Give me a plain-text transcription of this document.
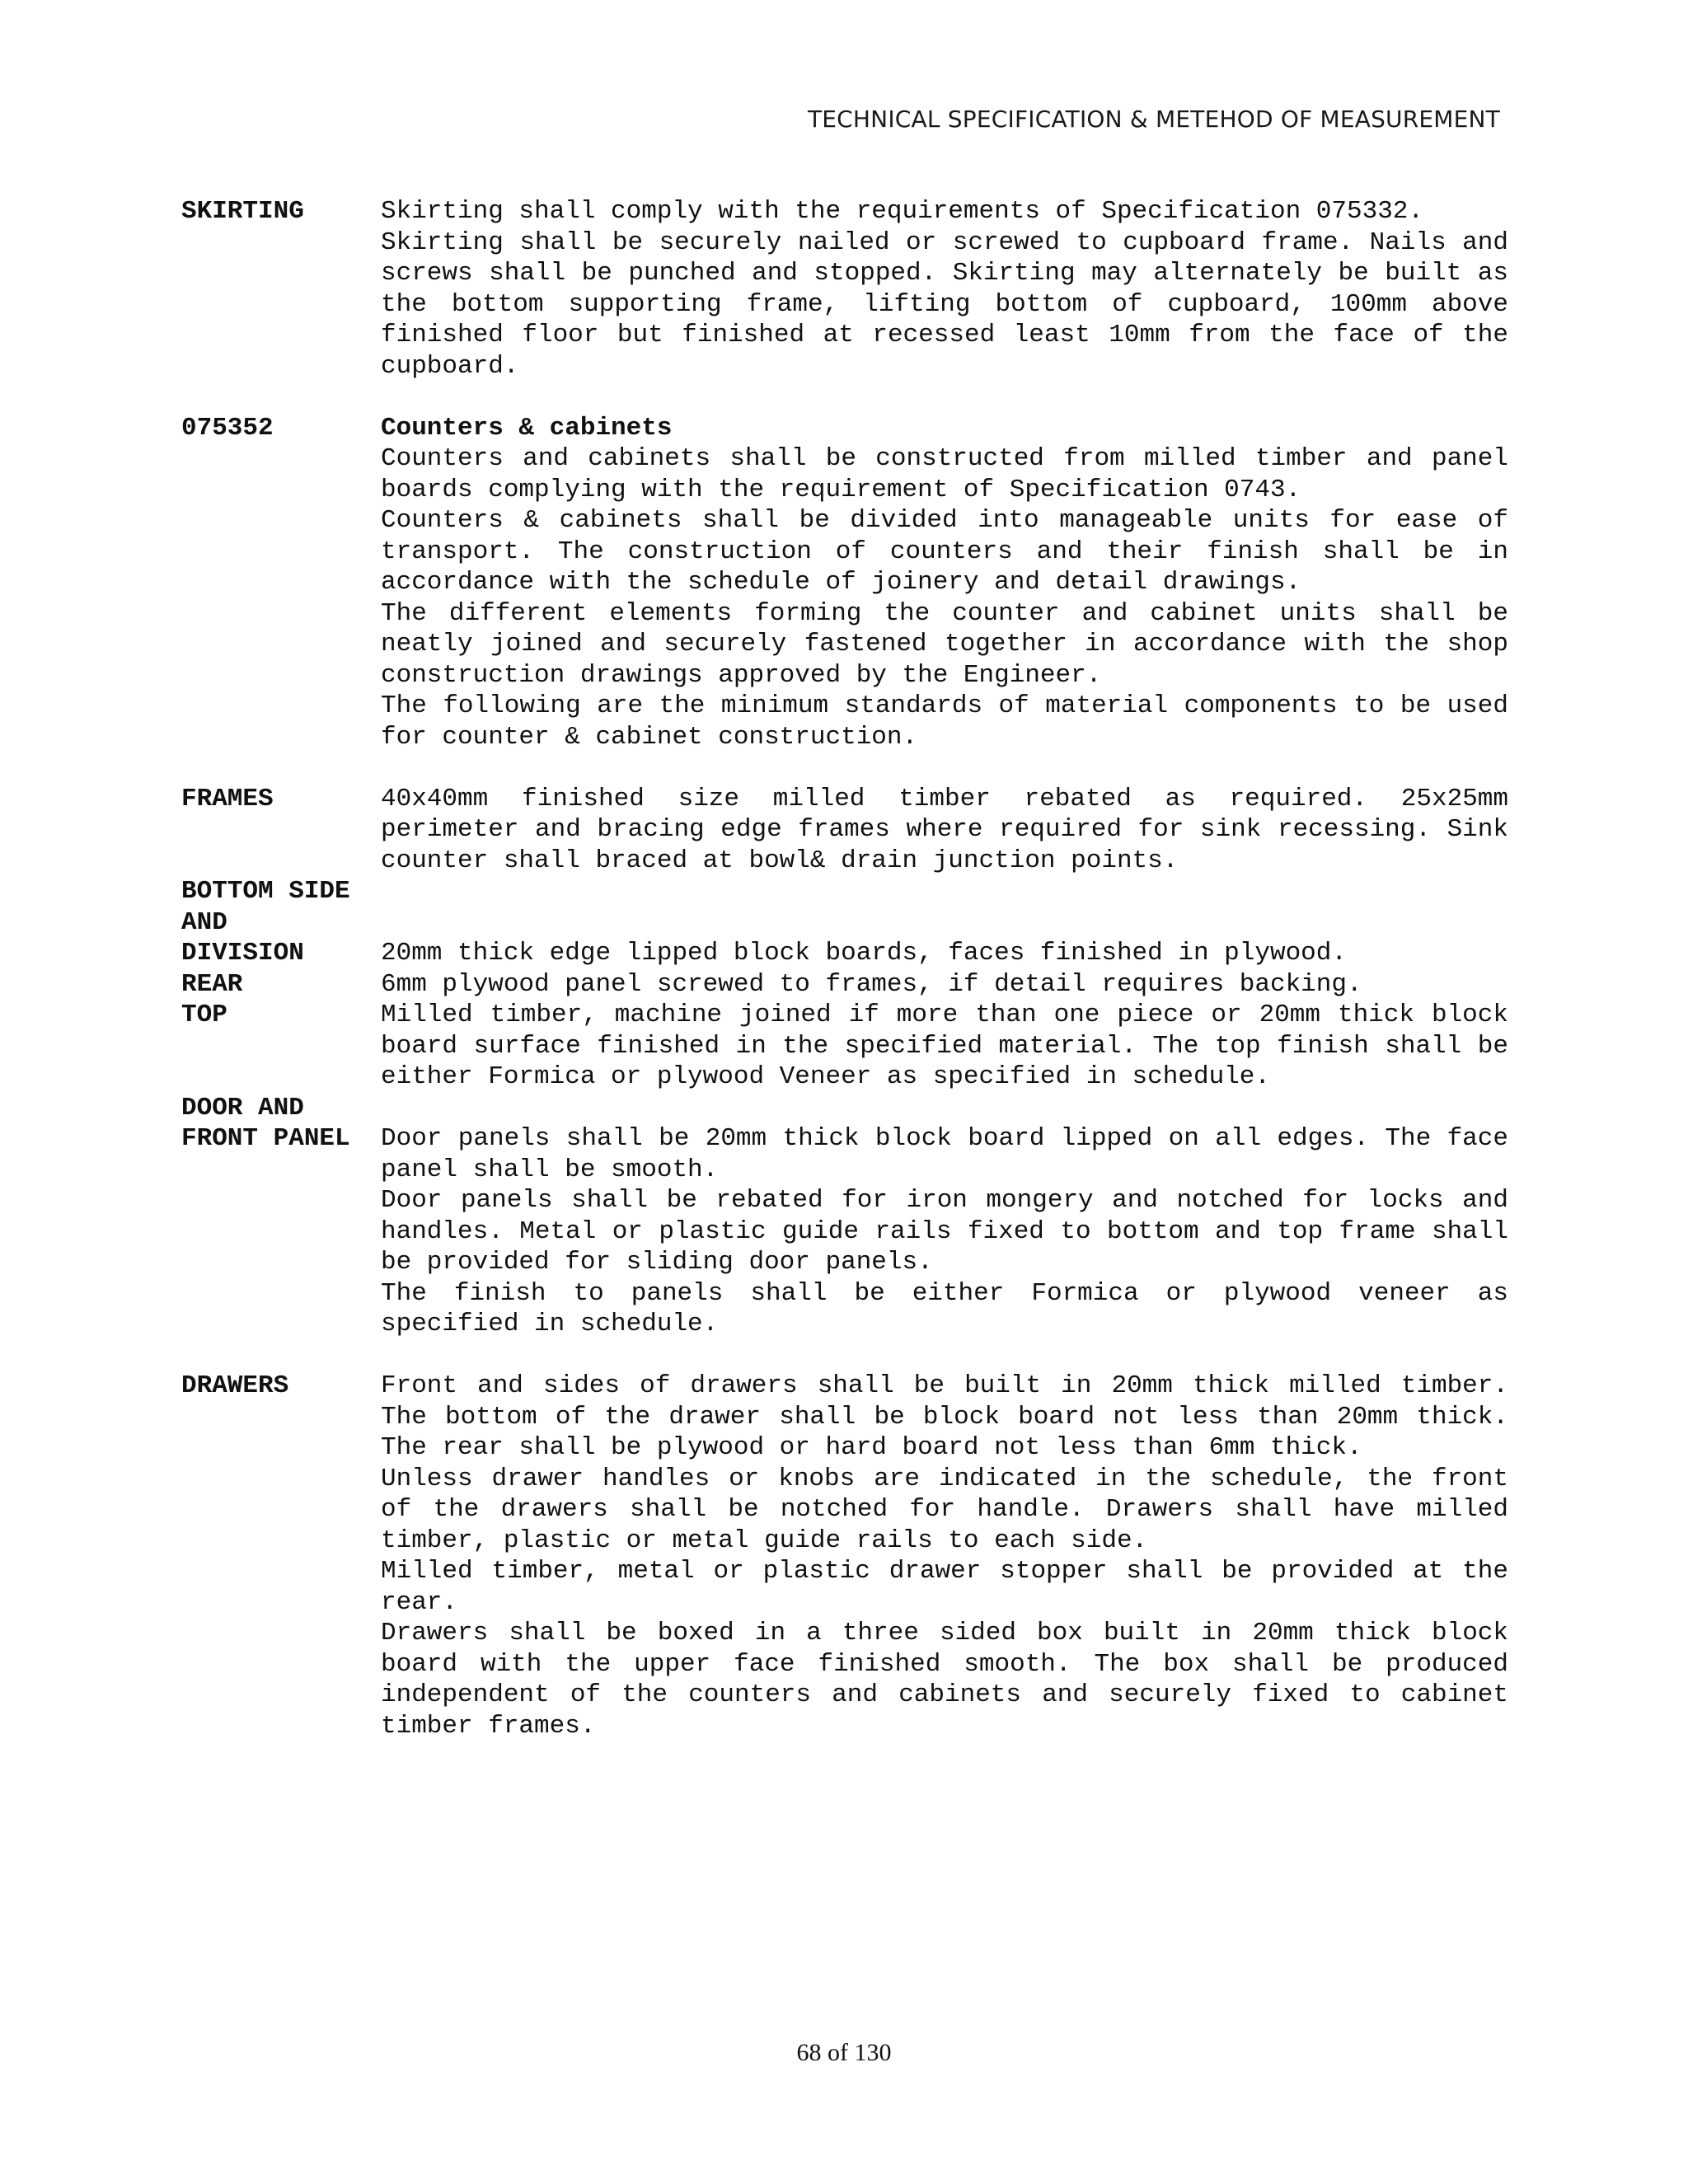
TECHNICAL SPECIFICATION & METEHOD OF MEASUREMENT
SKIRTING	Skirting shall comply with the requirements of Specification 075332.

Skirting shall be securely nailed or screwed to cupboard frame. Nails and screws shall be punched and stopped. Skirting may alternately be built as the bottom supporting frame, lifting bottom of cupboard, 100mm above finished floor but finished at recessed least 10mm from the face of the cupboard.

075352	Counters & cabinets

Counters and cabinets shall be constructed from milled timber and panel boards complying with the requirement of Specification 0743.

Counters & cabinets shall be divided into manageable units for ease of transport. The construction of counters and their finish shall be in accordance with the schedule of joinery and detail drawings.

The different elements forming the counter and cabinet units shall be neatly joined and securely fastened together in accordance with the shop construction drawings approved by the Engineer.

The following are the minimum standards of material components to be used for counter & cabinet construction.

FRAMES	40x40mm finished size milled timber rebated as required. 25x25mm perimeter and bracing edge frames where required for sink recessing. Sink counter shall braced at bowl& drain junction points.

BOTTOM SIDE
AND
DIVISION	20mm thick edge lipped block boards, faces finished in plywood.

REAR	6mm plywood panel screwed to frames, if detail requires backing.

TOP	Milled timber, machine joined if more than one piece or 20mm thick block board surface finished in the specified material. The top finish shall be either Formica or plywood Veneer as specified in schedule.

DOOR AND
FRONT PANEL	Door panels shall be 20mm thick block board lipped on all edges. The face panel shall be smooth.

Door panels shall be rebated for iron mongery and notched for locks and handles. Metal or plastic guide rails fixed to bottom and top frame shall be provided for sliding door panels.

The finish to panels shall be either Formica or plywood veneer as specified in schedule.

DRAWERS	Front and sides of drawers shall be built in 20mm thick milled timber. The bottom of the drawer shall be block board not less than 20mm thick. The rear shall be plywood or hard board not less than 6mm thick.

Unless drawer handles or knobs are indicated in the schedule, the front of the drawers shall be notched for handle. Drawers shall have milled timber, plastic or metal guide rails to each side.

Milled timber, metal or plastic drawer stopper shall be provided at the rear.

Drawers shall be boxed in a three sided box built in 20mm thick block board with the upper face finished smooth. The box shall be produced independent of the counters and cabinets and securely fixed to cabinet timber frames.

68 of 130
